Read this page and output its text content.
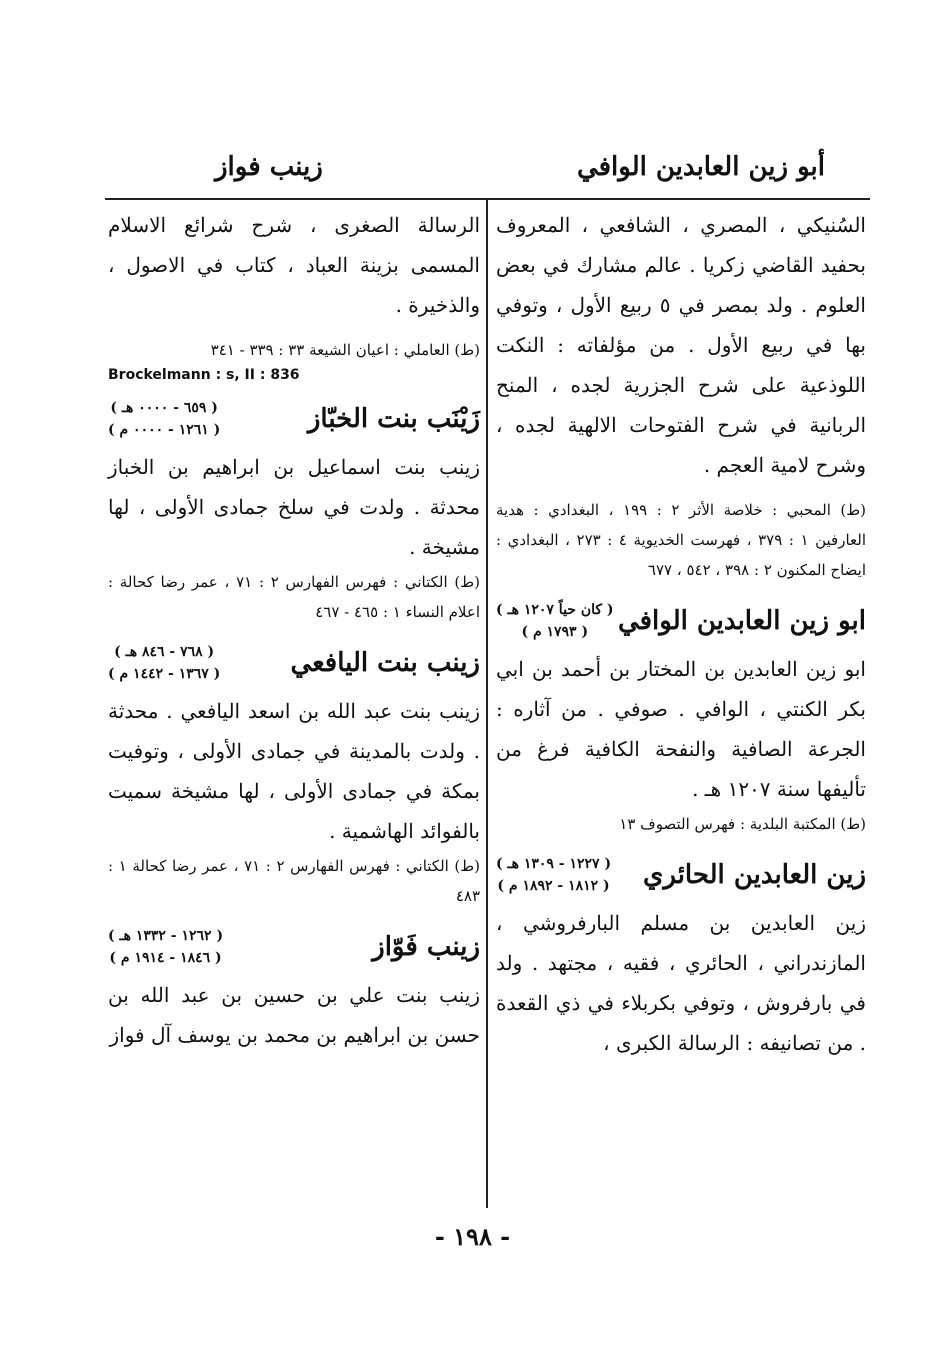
أبو زين العابدين الوافي
زينب فواز

السُنيكي ، المصري ، الشافعي ، المعروف بحفيد القاضي زكريا . عالم مشارك في بعض العلوم . ولد بمصر في ٥ ربيع الأول ، وتوفي بها في ربيع الأول . من مؤلفاته : النكت اللوذعية على شرح الجزرية لجده ، المنح الربانية في شرح الفتوحات الالهية لجده ، وشرح لامية العجم .

(ط) المحبي : خلاصة الأثر ٢ : ١٩٩ ، البغدادي : هدية العارفين ١ : ٣٧٩ ، فهرست الخديوية ٤ : ٢٧٣ ، البغدادي : ايضاح المكنون ٢ : ٣٩٨ ، ٥٤٢ ، ٦٧٧

ابو زين العابدين الوافي
( كان حياً ١٢٠٧ هـ )
( ١٧٩٣ م )

ابو زين العابدين بن المختار بن أحمد بن ابي بكر الكنتي ، الوافي . صوفي . من آثاره : الجرعة الصافية والنفحة الكافية فرغ من تأليفها سنة ١٢٠٧ هـ .

(ط) المكتبة البلدية : فهرس التصوف ١٣

زين العابدين الحائري
( ١٢٢٧ - ١٣٠٩ هـ )
( ١٨١٢ - ١٨٩٢ م )

زين العابدين بن مسلم البارفروشي ، المازندراني ، الحائري ، فقيه ، مجتهد . ولد في بارفروش ، وتوفي بكربلاء في ذي القعدة . من تصانيفه : الرسالة الكبرى ،

الرسالة الصغرى ، شرح شرائع الاسلام المسمى بزينة العباد ، كتاب في الاصول ، والذخيرة .

(ط) العاملي : اعيان الشيعة ٣٣ : ٣٣٩ - ٣٤١

Brockelmann : s, II : 836

زَيْنَب بنت الخبّاز
( ٦٥٩ - ٠٠٠٠ هـ )
( ١٢٦١ - ٠٠٠٠ م )

زينب بنت اسماعيل بن ابراهيم بن الخباز محدثة . ولدت في سلخ جمادى الأولى ، لها مشيخة .

(ط) الكتاني : فهرس الفهارس ٢ : ٧١ ، عمر رضا كحالة : اعلام النساء ١ : ٤٦٥ - ٤٦٧

زينب بنت اليافعي
( ٧٦٨ - ٨٤٦ هـ )
( ١٣٦٧ - ١٤٤٢ م )

زينب بنت عبد الله بن اسعد اليافعي . محدثة . ولدت بالمدينة في جمادى الأولى ، وتوفيت بمكة في جمادى الأولى ، لها مشيخة سميت بالفوائد الهاشمية .

(ط) الكتاني : فهرس الفهارس ٢ : ٧١ ، عمر رضا كحالة ١ : ٤٨٣

زينب فَوّاز
( ١٢٦٢ - ١٣٣٢ هـ )
( ١٨٤٦ - ١٩١٤ م )

زينب بنت علي بن حسين بن عبد الله بن حسن بن ابراهيم بن محمد بن يوسف آل فواز

- ١٩٨ -
